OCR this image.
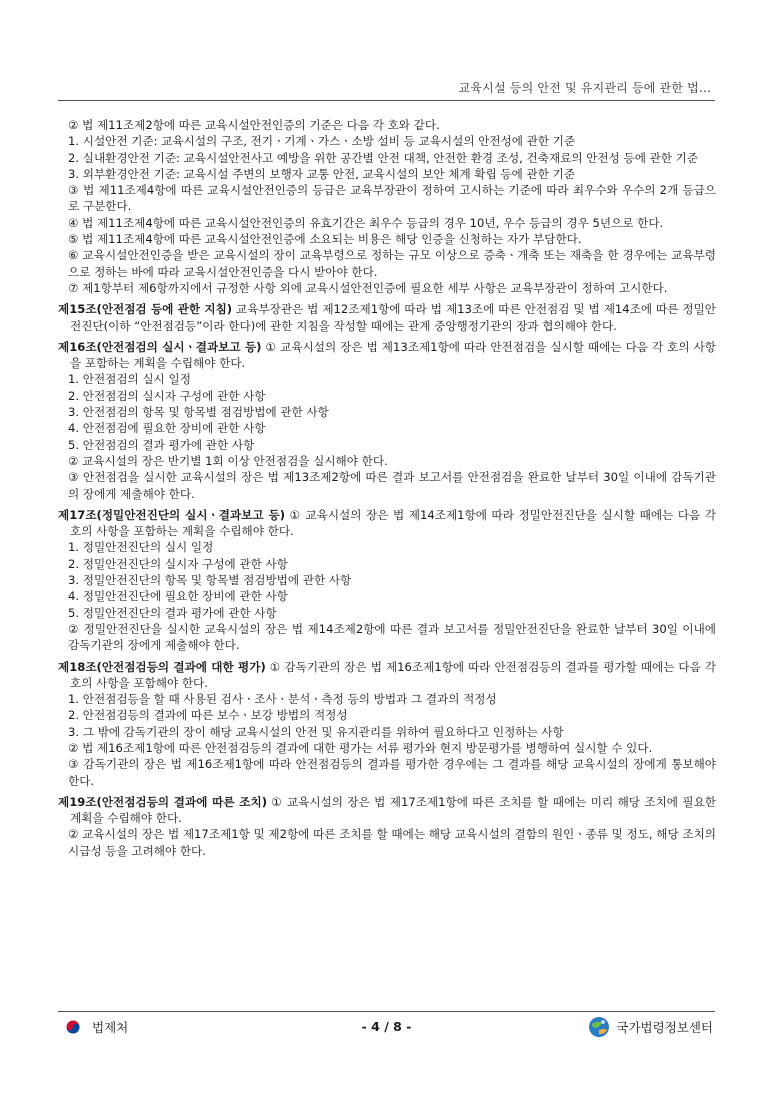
교육시설 등의 안전 및 유지관리 등에 관한 법...

② 법 제11조제2항에 따른 교육시설안전인증의 기준은 다음 각 호와 같다.

1. 시설안전 기준: 교육시설의 구조, 전기ㆍ기계ㆍ가스ㆍ소방 설비 등 교육시설의 안전성에 관한 기준

2. 실내환경안전 기준: 교육시설안전사고 예방을 위한 공간별 안전 대책, 안전한 환경 조성, 건축재료의 안전성 등에 관한 기준

3. 외부환경안전 기준: 교육시설 주변의 보행자 교통 안전, 교육시설의 보안 체계 확립 등에 관한 기준

③ 법 제11조제4항에 따른 교육시설안전인증의 등급은 교육부장관이 정하여 고시하는 기준에 따라 최우수와 우수의 2개 등급으로 구분한다.

④ 법 제11조제4항에 따른 교육시설안전인증의 유효기간은 최우수 등급의 경우 10년, 우수 등급의 경우 5년으로 한다.

⑤ 법 제11조제4항에 따른 교육시설안전인증에 소요되는 비용은 해당 인증을 신청하는 자가 부담한다.

⑥ 교육시설안전인증을 받은 교육시설의 장이 교육부령으로 정하는 규모 이상으로 증축ㆍ개축 또는 재축을 한 경우에는 교육부령으로 정하는 바에 따라 교육시설안전인증을 다시 받아야 한다.

⑦ 제1항부터 제6항까지에서 규정한 사항 외에 교육시설안전인증에 필요한 세부 사항은 교육부장관이 정하여 고시한다.

제15조(안전점검 등에 관한 지침) 교육부장관은 법 제12조제1항에 따라 법 제13조에 따른 안전점검 및 법 제14조에 따른 정밀안전진단(이하 “안전점검등”이라 한다)에 관한 지침을 작성할 때에는 관계 중앙행정기관의 장과 협의해야 한다.

제16조(안전점검의 실시ㆍ결과보고 등) ① 교육시설의 장은 법 제13조제1항에 따라 안전점검을 실시할 때에는 다음 각 호의 사항을 포함하는 계획을 수립해야 한다.

1. 안전점검의 실시 일정

2. 안전점검의 실시자 구성에 관한 사항

3. 안전점검의 항목 및 항목별 점검방법에 관한 사항

4. 안전점검에 필요한 장비에 관한 사항

5. 안전점검의 결과 평가에 관한 사항

② 교육시설의 장은 반기별 1회 이상 안전점검을 실시해야 한다.

③ 안전점검을 실시한 교육시설의 장은 법 제13조제2항에 따른 결과 보고서를 안전점검을 완료한 날부터 30일 이내에 감독기관의 장에게 제출해야 한다.

제17조(정밀안전진단의 실시ㆍ결과보고 등) ① 교육시설의 장은 법 제14조제1항에 따라 정밀안전진단을 실시할 때에는 다음 각 호의 사항을 포함하는 계획을 수립해야 한다.

1. 정밀안전진단의 실시 일정

2. 정밀안전진단의 실시자 구성에 관한 사항

3. 정밀안전진단의 항목 및 항목별 점검방법에 관한 사항

4. 정밀안전진단에 필요한 장비에 관한 사항

5. 정밀안전진단의 결과 평가에 관한 사항

② 정밀안전진단을 실시한 교육시설의 장은 법 제14조제2항에 따른 결과 보고서를 정밀안전진단을 완료한 날부터 30일 이내에 감독기관의 장에게 제출해야 한다.

제18조(안전점검등의 결과에 대한 평가) ① 감독기관의 장은 법 제16조제1항에 따라 안전점검등의 결과를 평가할 때에는 다음 각 호의 사항을 포함해야 한다.

1. 안전점검등을 할 때 사용된 검사ㆍ조사ㆍ분석ㆍ측정 등의 방법과 그 결과의 적정성

2. 안전점검등의 결과에 따른 보수ㆍ보강 방법의 적정성

3. 그 밖에 감독기관의 장이 해당 교육시설의 안전 및 유지관리를 위하여 필요하다고 인정하는 사항

② 법 제16조제1항에 따른 안전점검등의 결과에 대한 평가는 서류 평가와 현지 방문평가를 병행하여 실시할 수 있다.

③ 감독기관의 장은 법 제16조제1항에 따라 안전점검등의 결과를 평가한 경우에는 그 결과를 해당 교육시설의 장에게 통보해야 한다.

제19조(안전점검등의 결과에 따른 조치) ① 교육시설의 장은 법 제17조제1항에 따른 조치를 할 때에는 미리 해당 조치에 필요한 계획을 수립해야 한다.

② 교육시설의 장은 법 제17조제1항 및 제2항에 따른 조치를 할 때에는 해당 교육시설의 결함의 원인ㆍ종류 및 정도, 해당 조치의 시급성 등을 고려해야 한다.

법제처	- 4 / 8 -	국가법령정보센터
